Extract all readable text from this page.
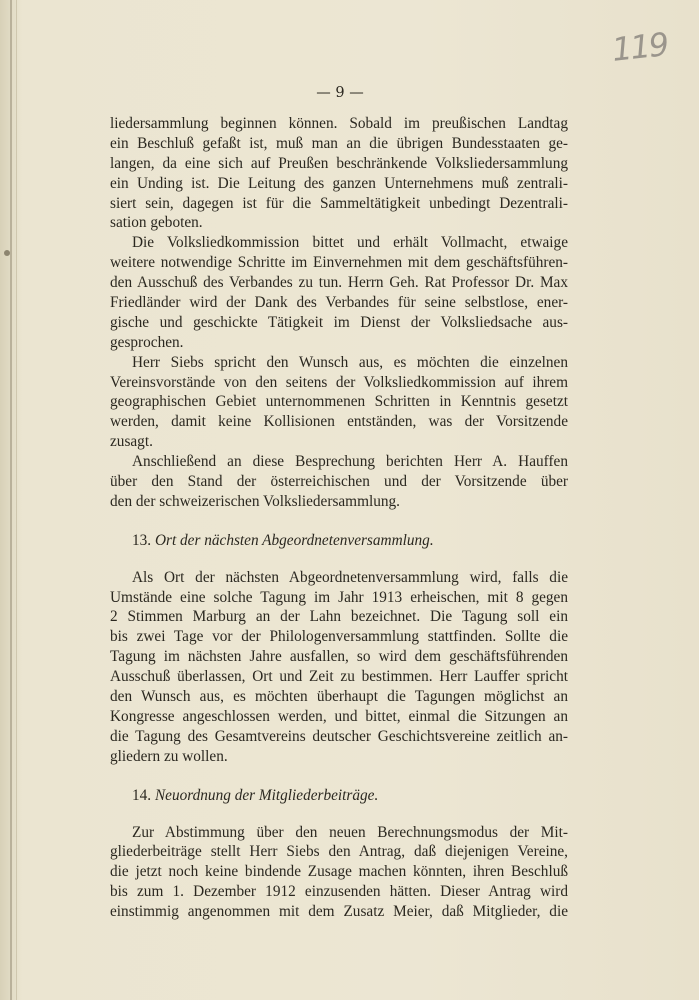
119
— 9 —
liedersammlung beginnen können. Sobald im preußischen Landtag
ein Beschluß gefaßt ist, muß man an die übrigen Bundesstaaten ge-
langen, da eine sich auf Preußen beschränkende Volksliedersammlung
ein Unding ist. Die Leitung des ganzen Unternehmens muß zentrali-
siert sein, dagegen ist für die Sammeltätigkeit unbedingt Dezentrali-
sation geboten.
Die Volksliedkommission bittet und erhält Vollmacht, etwaige
weitere notwendige Schritte im Einvernehmen mit dem geschäftsführen-
den Ausschuß des Verbandes zu tun. Herrn Geh. Rat Professor Dr. Max
Friedländer wird der Dank des Verbandes für seine selbstlose, ener-
gische und geschickte Tätigkeit im Dienst der Volksliedsache aus-
gesprochen.
Herr Siebs spricht den Wunsch aus, es möchten die einzelnen
Vereinsvorstände von den seitens der Volksliedkommission auf ihrem
geographischen Gebiet unternommenen Schritten in Kenntnis gesetzt
werden, damit keine Kollisionen entständen, was der Vorsitzende
zusagt.
Anschließend an diese Besprechung berichten Herr A. Hauffen
über den Stand der österreichischen und der Vorsitzende über
den der schweizerischen Volksliedersammlung.
13. Ort der nächsten Abgeordnetenversammlung.
Als Ort der nächsten Abgeordnetenversammlung wird, falls die
Umstände eine solche Tagung im Jahr 1913 erheischen, mit 8 gegen
2 Stimmen Marburg an der Lahn bezeichnet. Die Tagung soll ein
bis zwei Tage vor der Philologenversammlung stattfinden. Sollte die
Tagung im nächsten Jahre ausfallen, so wird dem geschäftsführenden
Ausschuß überlassen, Ort und Zeit zu bestimmen. Herr Lauffer spricht
den Wunsch aus, es möchten überhaupt die Tagungen möglichst an
Kongresse angeschlossen werden, und bittet, einmal die Sitzungen an
die Tagung des Gesamtvereins deutscher Geschichtsvereine zeitlich an-
gliedern zu wollen.
14. Neuordnung der Mitgliederbeiträge.
Zur Abstimmung über den neuen Berechnungsmodus der Mit-
gliederbeiträge stellt Herr Siebs den Antrag, daß diejenigen Vereine,
die jetzt noch keine bindende Zusage machen könnten, ihren Beschluß
bis zum 1. Dezember 1912 einzusenden hätten. Dieser Antrag wird
einstimmig angenommen mit dem Zusatz Meier, daß Mitglieder, die
